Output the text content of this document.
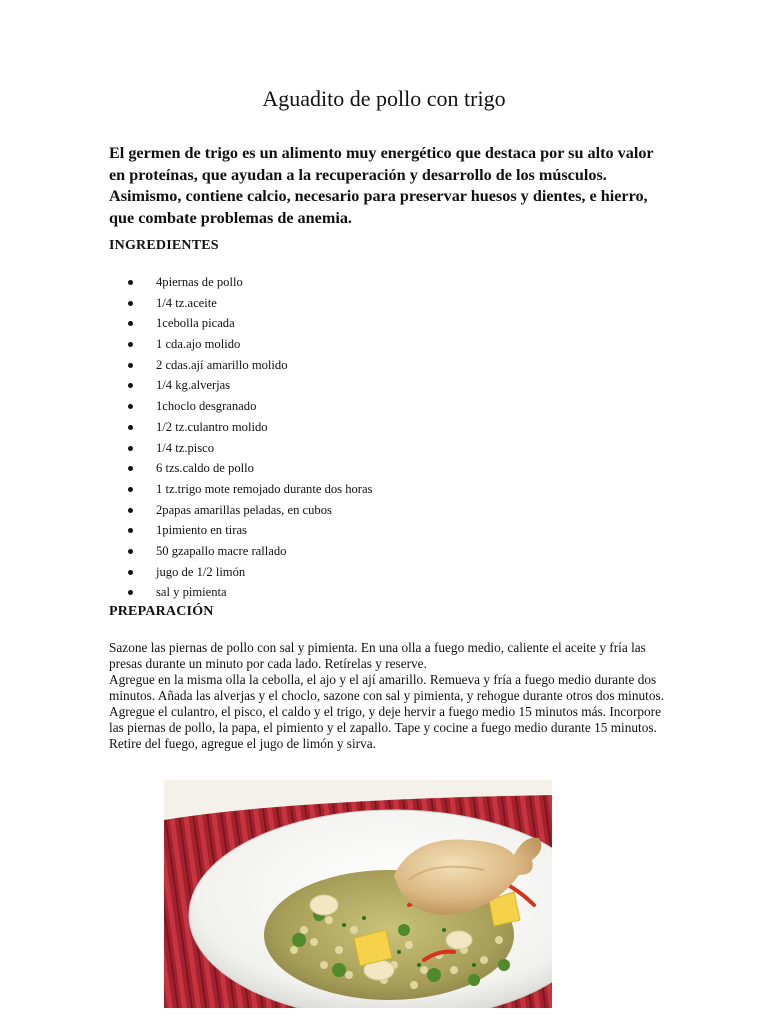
Aguadito de pollo con trigo

El germen de trigo es un alimento muy energético que destaca por su alto valor en proteínas, que ayudan a la recuperación y desarrollo de los músculos. Asimismo, contiene calcio, necesario para preservar huesos y dientes, e hierro, que combate problemas de anemia.

INGREDIENTES
4piernas de pollo
1/4 tz.aceite
1cebolla picada
1 cda.ajo molido
2 cdas.ají amarillo molido
1/4 kg.alverjas
1choclo desgranado
1/2 tz.culantro molido
1/4 tz.pisco
6 tzs.caldo de pollo
1 tz.trigo mote remojado durante dos horas
2papas amarillas peladas, en cubos
1pimiento en tiras
50 gzapallo macre rallado
jugo de 1/2 limón
sal y pimienta
PREPARACIÓN

Sazone las piernas de pollo con sal y pimienta. En una olla a fuego medio, caliente el aceite y fría las presas durante un minuto por cada lado. Retírelas y reserve.

Agregue en la misma olla la cebolla, el ajo y el ají amarillo. Remueva y fría a fuego medio durante dos minutos. Añada las alverjas y el choclo, sazone con sal y pimienta, y rehogue durante otros dos minutos. Agregue el culantro, el pisco, el caldo y el trigo, y deje hervir a fuego medio 15 minutos más. Incorpore las piernas de pollo, la papa, el pimiento y el zapallo. Tape y cocine a fuego medio durante 15 minutos. Retire del fuego, agregue el jugo de limón y sirva.
